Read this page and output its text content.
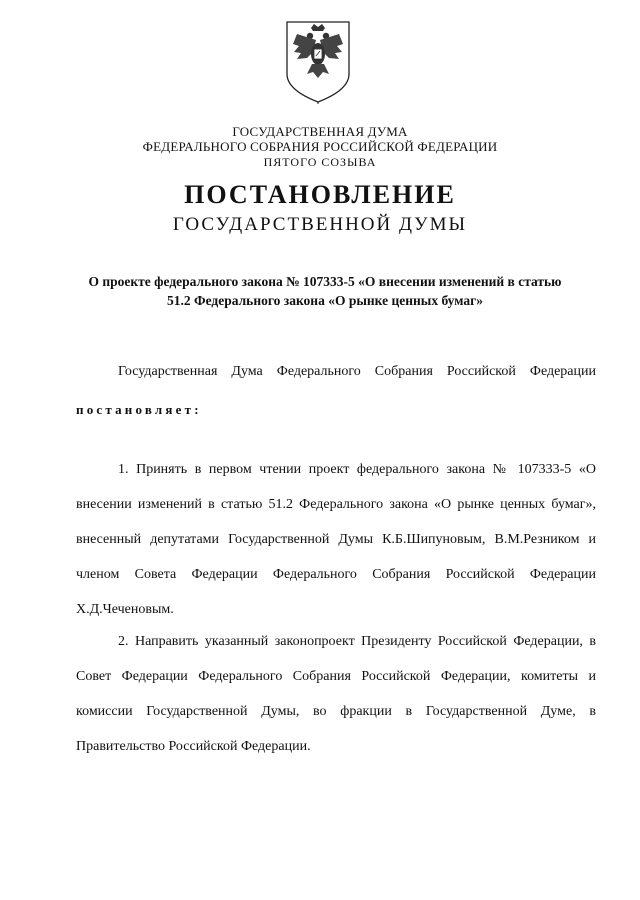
ГОСУДАРСТВЕННАЯ ДУМА
ФЕДЕРАЛЬНОГО СОБРАНИЯ РОССИЙСКОЙ ФЕДЕРАЦИИ
ПЯТОГО СОЗЫВА
ПОСТАНОВЛЕНИЕ
ГОСУДАРСТВЕННОЙ ДУМЫ
О проекте федерального закона № 107333-5 «О внесении изменений в статью 51.2 Федерального закона «О рынке ценных бумаг»
Государственная Дума Федерального Собрания Российской Федерации
постановляет:
1. Принять в первом чтении проект федерального закона № 107333-5 «О внесении изменений в статью 51.2 Федерального закона «О рынке ценных бумаг», внесенный депутатами Государственной Думы К.Б.Шипуновым, В.М.Резником и членом Совета Федерации Федерального Собрания Российской Федерации Х.Д.Чеченовым.
2. Направить указанный законопроект Президенту Российской Федерации, в Совет Федерации Федерального Собрания Российской Федерации, комитеты и комиссии Государственной Думы, во фракции в Государственной Думе, в Правительство Российской Федерации.
